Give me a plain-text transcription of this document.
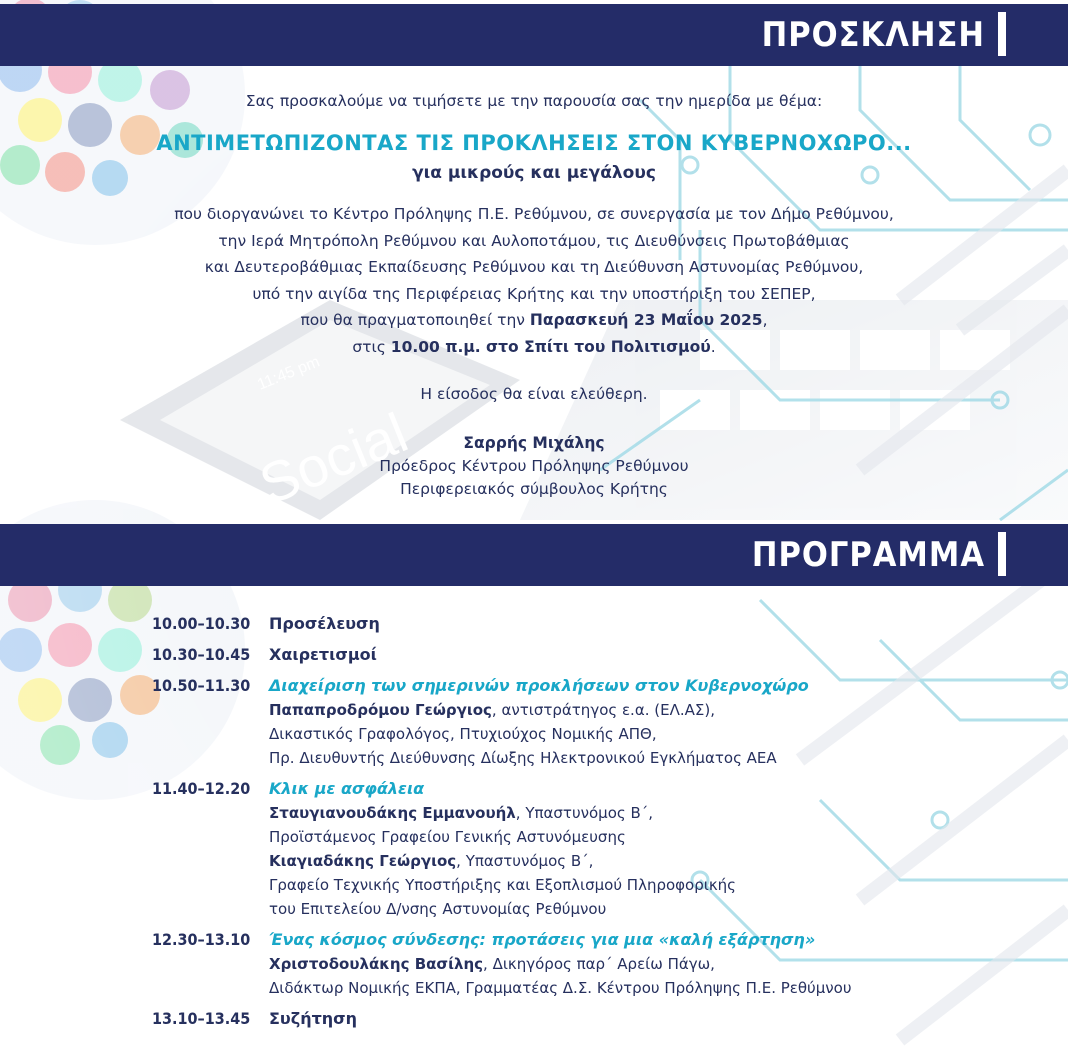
11:45 pm
Social
ΠΡΟΣΚΛΗΣΗ
Σας προσκαλούμε να τιμήσετε με την παρουσία σας την ημερίδα με θέμα:
ΑΝΤΙΜΕΤΩΠΙΖΟΝΤΑΣ ΤΙΣ ΠΡΟΚΛΗΣΕΙΣ ΣΤΟΝ ΚΥΒΕΡΝΟΧΩΡΟ...
για μικρούς και μεγάλους
που διοργανώνει το Κέντρο Πρόληψης Π.Ε. Ρεθύμνου, σε συνεργασία με τον Δήμο Ρεθύμνου,
την Ιερά Μητρόπολη Ρεθύμνου και Αυλοποτάμου, τις Διευθύνσεις Πρωτοβάθμιας
και Δευτεροβάθμιας Εκπαίδευσης Ρεθύμνου και τη Διεύθυνση Αστυνομίας Ρεθύμνου,
υπό την αιγίδα της Περιφέρειας Κρήτης και την υποστήριξη του ΣΕΠΕΡ,
που θα πραγματοποιηθεί την Παρασκευή 23 Μαΐου 2025,
στις 10.00 π.μ. στο Σπίτι του Πολιτισμού.
Η είσοδος θα είναι ελεύθερη.
Σαρρής Μιχάλης
Πρόεδρος Κέντρου Πρόληψης Ρεθύμνου
Περιφερειακός σύμβουλος Κρήτης
ΠΡΟΓΡΑΜΜΑ
10.00–10.30 Προσέλευση
10.30–10.45 Χαιρετισμοί
10.50–11.30 Διαχείριση των σημερινών προκλήσεων στον Κυβερνοχώρο
Παπαπροδρόμου Γεώργιος, αντιστράτηγος ε.α. (ΕΛ.ΑΣ),
Δικαστικός Γραφολόγος, Πτυχιούχος Νομικής ΑΠΘ,
Πρ. Διευθυντής Διεύθυνσης Δίωξης Ηλεκτρονικού Εγκλήματος ΑΕΑ
11.40–12.20 Κλικ με ασφάλεια
Σταυγιανουδάκης Εμμανουήλ, Υπαστυνόμος Β΄,
Προϊστάμενος Γραφείου Γενικής Αστυνόμευσης
Κιαγιαδάκης Γεώργιος, Υπαστυνόμος Β΄,
Γραφείο Τεχνικής Υποστήριξης και Εξοπλισμού Πληροφορικής
του Επιτελείου Δ/νσης Αστυνομίας Ρεθύμνου
12.30–13.10 Ένας κόσμος σύνδεσης: προτάσεις για μια «καλή εξάρτηση»
Χριστοδουλάκης Βασίλης, Δικηγόρος παρ΄ Αρείω Πάγω,
Διδάκτωρ Νομικής ΕΚΠΑ, Γραμματέας Δ.Σ. Κέντρου Πρόληψης Π.Ε. Ρεθύμνου
13.10–13.45 Συζήτηση
